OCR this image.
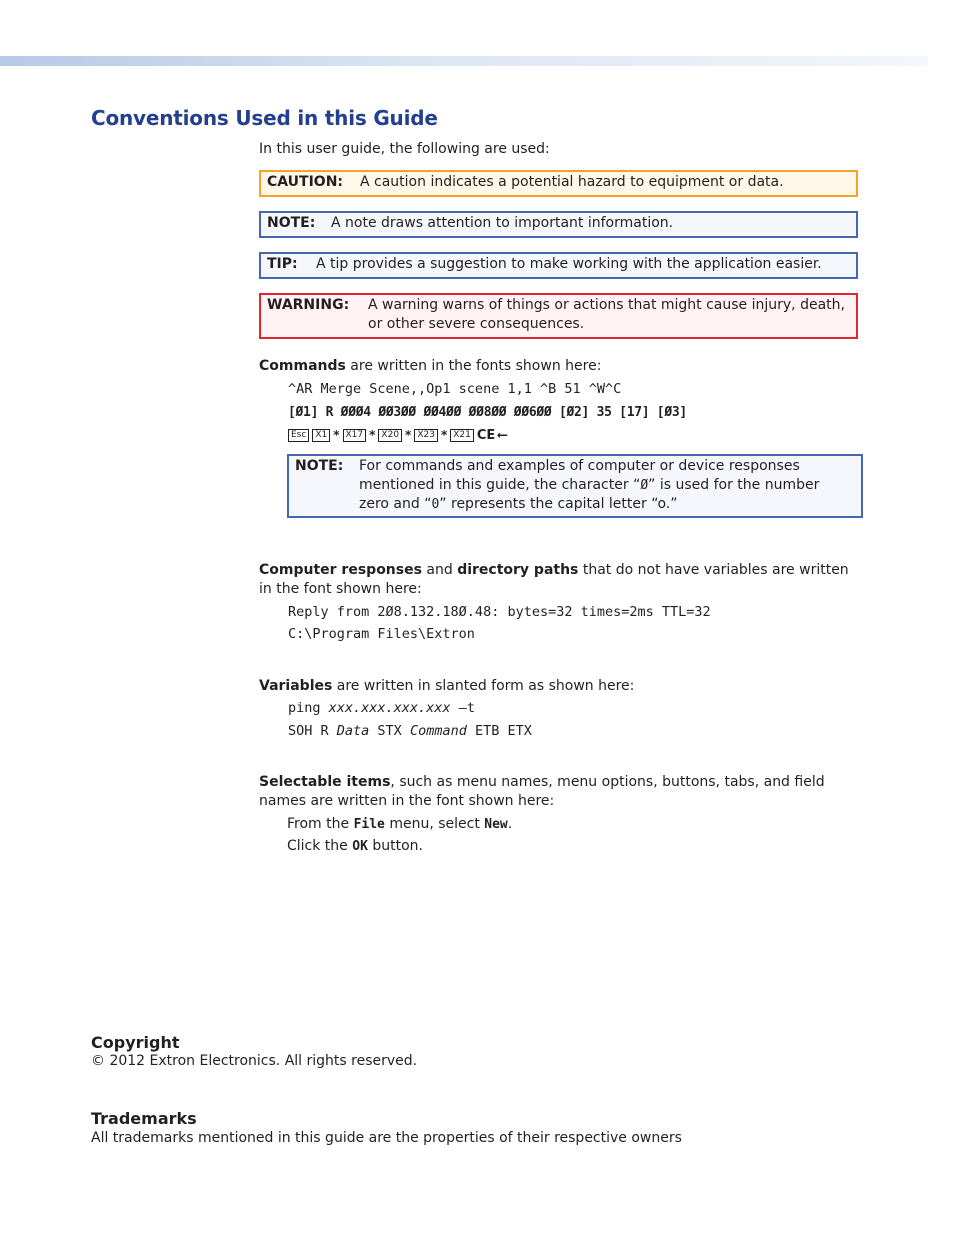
Conventions Used in this Guide
In this user guide, the following are used:
CAUTION: A caution indicates a potential hazard to equipment or data.
NOTE: A note draws attention to important information.
TIP: A tip provides a suggestion to make working with the application easier.
WARNING: A warning warns of things or actions that might cause injury, death, or other severe consequences.
Commands are written in the fonts shown here:
^AR Merge Scene,,Op1 scene 1,1 ^B 51 ^W^C
[Ø1] R ØØØ4 ØØ3ØØ ØØ4ØØ ØØ8ØØ ØØ6ØØ [Ø2] 35 [17] [Ø3]
Esc	X1 * X17 * X20 * X23 * X21 CE ⟵
NOTE: For commands and examples of computer or device responses mentioned in this guide, the character “Ø” is used for the number zero and “0” represents the capital letter “o.”
Computer responses and directory paths that do not have variables are written in the font shown here:
Reply from 2Ø8.132.18Ø.48: bytes=32 times=2ms TTL=32
C:\Program Files\Extron
Variables are written in slanted form as shown here:
ping xxx.xxx.xxx.xxx —t
SOH R Data STX Command ETB ETX
Selectable items, such as menu names, menu options, buttons, tabs, and field names are written in the font shown here:
From the File menu, select New.
Click the OK button.
Copyright
© 2012 Extron Electronics. All rights reserved.
Trademarks
All trademarks mentioned in this guide are the properties of their respective owners
